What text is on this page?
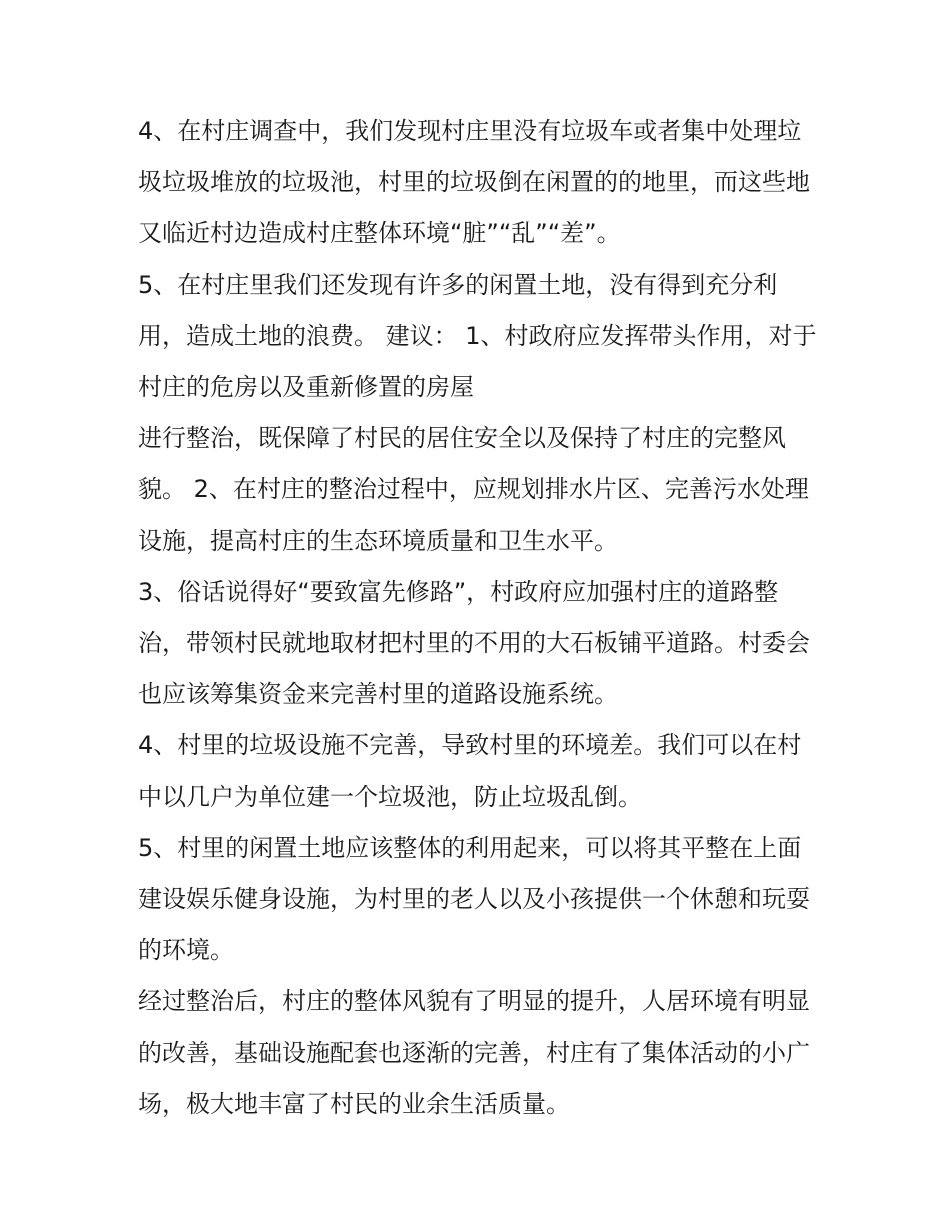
4、在村庄调查中，我们发现村庄里没有垃圾车或者集中处理垃圾垃圾堆放的垃圾池，村里的垃圾倒在闲置的的地里，而这些地又临近村边造成村庄整体环境“脏”“乱”“差”。

5、在村庄里我们还发现有许多的闲置土地，没有得到充分利用，造成土地的浪费。 建议： 1、村政府应发挥带头作用，对于村庄的危房以及重新修置的房屋

进行整治，既保障了村民的居住安全以及保持了村庄的完整风貌。 2、在村庄的整治过程中，应规划排水片区、完善污水处理设施，提高村庄的生态环境质量和卫生水平。

3、俗话说得好“要致富先修路”，村政府应加强村庄的道路整治，带领村民就地取材把村里的不用的大石板铺平道路。村委会也应该筹集资金来完善村里的道路设施系统。

4、村里的垃圾设施不完善，导致村里的环境差。我们可以在村中以几户为单位建一个垃圾池，防止垃圾乱倒。

5、村里的闲置土地应该整体的利用起来，可以将其平整在上面建设娱乐健身设施，为村里的老人以及小孩提供一个休憩和玩耍的环境。

经过整治后，村庄的整体风貌有了明显的提升，人居环境有明显的改善，基础设施配套也逐渐的完善，村庄有了集体活动的小广场，极大地丰富了村民的业余生活质量。
